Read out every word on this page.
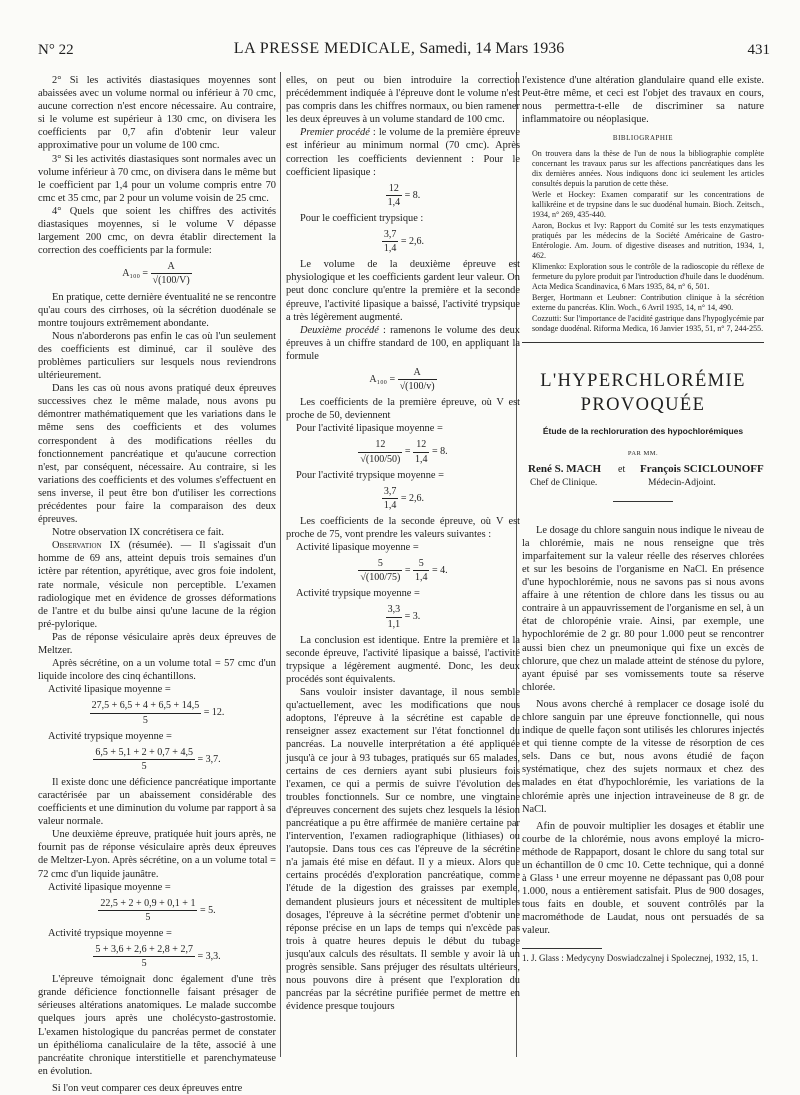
N° 22	LA PRESSE MEDICALE, Samedi, 14 Mars 1936	431

2° Si les activités diastasiques moyennes sont abaissées avec un volume normal ou inférieur à 70 cmc, aucune correction n'est encore nécessaire. Au contraire, si le volume est supérieur à 130 cmc, on divisera les coefficients par 0,7 afin d'obtenir leur valeur approximative pour un volume de 100 cmc.

3° Si les activités diastasiques sont normales avec un volume inférieur à 70 cmc, on divisera dans le même but le coefficient par 1,4 pour un volume compris entre 70 cmc et 35 cmc, par 2 pour un volume voisin de 25 cmc.

4° Quels que soient les chiffres des activités diastasiques moyennes, si le volume V dépasse largement 200 cmc, on devra établir directement la correction des coefficients par la formule:

$A_{100} = \frac{A}{√(100/V)}$

En pratique, cette dernière éventualité ne se rencontre qu'au cours des cirrhoses, où la sécrétion duodénale se montre toujours extrêmement abondante.

Nous n'aborderons pas enfin le cas où l'un seulement des coefficients est diminué, car il soulève des problèmes particuliers sur lesquels nous reviendrons ultérieurement.

Dans les cas où nous avons pratiqué deux épreuves successives chez le même malade, nous avons pu démontrer mathématiquement que les variations dans le même sens des coefficients et des volumes correspondent à des modifications réelles du fonctionnement pancréatique et qu'aucune correction n'est, par conséquent, nécessaire. Au contraire, si les variations des coefficients et des volumes s'effectuent en sens inverse, il peut être bon d'utiliser les corrections précédentes pour faire la comparaison des deux épreuves.

Notre observation IX concrétisera ce fait.

Observation IX (résumée). — Il s'agissait d'un homme de 69 ans, atteint depuis trois semaines d'un ictère par rétention, apyrétique, avec gros foie indolent, rate normale, vésicule non perceptible. L'examen radiologique met en évidence de grosses déformations de l'antre et du bulbe ainsi qu'une lacune de la région pré-pylorique.

Pas de réponse vésiculaire après deux épreuves de Meltzer.

Après sécrétine, on a un volume total = 57 cmc d'un liquide incolore des cinq échantillons.

Activité lipasique moyenne =

$\frac{27,5 + 6,5 + 4 + 6,5 + 14,5}{5} = 12$.

Activité trypsique moyenne =

$\frac{6,5 + 5,1 + 2 + 0,7 + 4,5}{5} = 3,7$.

Il existe donc une déficience pancréatique importante caractérisée par un abaissement considérable des coefficients et une diminution du volume par rapport à sa valeur normale.

Une deuxième épreuve, pratiquée huit jours après, ne fournit pas de réponse vésiculaire après deux épreuves de Meltzer-Lyon. Après sécrétine, on a un volume total = 72 cmc d'un liquide jaunâtre.

Activité lipasique moyenne =

$\frac{22,5 + 2 + 0,9 + 0,1 + 1}{5} = 5$.

Activité trypsique moyenne =

$\frac{5 + 3,6 + 2,6 + 2,8 + 2,7}{5} = 3,3$.

L'épreuve témoignait donc également d'une très grande déficience fonctionnelle faisant présager de sérieuses altérations anatomiques. Le malade succombe quelques jours après une cholécysto-gastrostomie. L'examen histologique du pancréas permet de constater un épithélioma canaliculaire de la tête, associé à une pancréatite chronique interstitielle et parenchymateuse en évolution.

Si l'on veut comparer ces deux épreuves entre

elles, on peut ou bien introduire la correction précédemment indiquée à l'épreuve dont le volume n'est pas compris dans les chiffres normaux, ou bien ramener les deux épreuves à un volume standard de 100 cmc.

Premier procédé : le volume de la première épreuve est inférieur au minimum normal (70 cmc). Après correction les coefficients deviennent : Pour le coefficient lipasique :

$\frac{12}{1,4} = 8$.

Pour le coefficient trypsique :

$\frac{3,7}{1,4} = 2,6$.

Le volume de la deuxième épreuve est physiologique et les coefficients gardent leur valeur. On peut donc conclure qu'entre la première et la seconde épreuve, l'activité lipasique a baissé, l'activité trypsique a très légèrement augmenté.

Deuxième procédé : ramenons le volume des deux épreuves à un chiffre standard de 100, en appliquant la formule

$A_{100} = \frac{A}{√(100/v)}$

Les coefficients de la première épreuve, où V est proche de 50, deviennent

Pour l'activité lipasique moyenne =

$\frac{12}{√(100/50)} = \frac{12}{1,4} = 8$.

Pour l'activité trypsique moyenne =

$\frac{3,7}{1,4} = 2,6$.

Les coefficients de la seconde épreuve, où V est proche de 75, vont prendre les valeurs suivantes :

Activité lipasique moyenne =

$\frac{5}{√(100/75)} = \frac{5}{1,4} = 4$.

Activité trypsique moyenne =

$\frac{3,3}{1,1} = 3$.

La conclusion est identique. Entre la première et la seconde épreuve, l'activité lipasique a baissé, l'activité trypsique a légèrement augmenté. Donc, les deux procédés sont équivalents.

Sans vouloir insister davantage, il nous semble qu'actuellement, avec les modifications que nous adoptons, l'épreuve à la sécrétine est capable de renseigner assez exactement sur l'état fonctionnel du pancréas. La nouvelle interprétation a été appliquée jusqu'à ce jour à 93 tubages, pratiqués sur 65 malades, certains de ces derniers ayant subi plusieurs fois l'examen, ce qui a permis de suivre l'évolution des troubles fonctionnels. Sur ce nombre, une vingtaine d'épreuves concernent des sujets chez lesquels la lésion pancréatique a pu être affirmée de manière certaine par l'intervention, l'examen radiographique (lithiases) ou l'autopsie. Dans tous ces cas l'épreuve de la sécrétine n'a jamais été mise en défaut. Il y a mieux. Alors que certains procédés d'exploration pancréatique, comme l'étude de la digestion des graisses par exemple, demandent plusieurs jours et nécessitent de multiples dosages, l'épreuve à la sécrétine permet d'obtenir une réponse précise en un laps de temps qui n'excède pas trois à quatre heures depuis le début du tubage jusqu'aux calculs des résultats. Il semble y avoir là un progrès sensible. Sans préjuger des résultats ultérieurs, nous pouvons dire à présent que l'exploration du pancréas par la sécrétine purifiée permet de mettre en évidence presque toujours

l'existence d'une altération glandulaire quand elle existe. Peut-être même, et ceci est l'objet des travaux en cours, nous permettra-t-elle de discriminer sa nature inflammatoire ou néoplasique.

BIBLIOGRAPHIE

On trouvera dans la thèse de l'un de nous la bibliographie complète concernant les travaux parus sur les affections pancréatiques dans les dix dernières années. Nous indiquons donc ici seulement les articles consultés depuis la parution de cette thèse.

Werle et Hockey: Examen comparatif sur les concentrations de kallikréine et de trypsine dans le suc duodénal humain. Bioch. Zeitsch., 1934, n° 269, 435-440.

Aaron, Bockus et Ivy: Rapport du Comité sur les tests enzymatiques pratiqués par les médecins de la Société Américaine de Gastro-Entérologie. Am. Journ. of digestive diseases and nutrition, 1934, 1, 462.

Klimenko: Exploration sous le contrôle de la radioscopie du réflexe de fermeture du pylore produit par l'introduction d'huile dans le duodénum. Acta Medica Scandinavica, 6 Mars 1935, 84, n° 6, 501.

Berger, Hortmann et Leubner: Contribution clinique à la sécrétion externe du pancréas. Klin. Woch., 6 Avril 1935, 14, n° 14, 490.

Cozzutti: Sur l'importance de l'acidité gastrique dans l'hypoglycémie par sondage duodénal. Riforma Medica, 16 Janvier 1935, 51, n° 7, 244-255.

L'HYPERCHLORÉMIE
PROVOQUÉE
Étude de la rechloruration des hypochlorémiques
PAR MM.
René S. MACH et François SCICLOUNOFF
Chef de Clinique.	Médecin-Adjoint.

Le dosage du chlore sanguin nous indique le niveau de la chlorémie, mais ne nous renseigne que très imparfaitement sur la valeur réelle des réserves chlorées et sur les besoins de l'organisme en NaCl. En présence d'une hypochlorémie, nous ne savons pas si nous avons affaire à une rétention de chlore dans les tissus ou au contraire à un appauvrissement de l'organisme en sel, à un état de chloropénie vraie. Ainsi, par exemple, une hypochlorémie de 2 gr. 80 pour 1.000 peut se rencontrer aussi bien chez un pneumonique qui fixe un excès de chlorure, que chez un malade atteint de sténose du pylore, ayant épuisé par ses vomissements toute sa réserve chlorée.

Nous avons cherché à remplacer ce dosage isolé du chlore sanguin par une épreuve fonctionnelle, qui nous indique de quelle façon sont utilisés les chlorures injectés et qui tienne compte de la vitesse de résorption de ces sels. Dans ce but, nous avons étudié de façon systématique, chez des sujets normaux et chez des malades en état d'hypochlorémie, les variations de la chlorémie après une injection intraveineuse de 8 gr. de NaCl.

Afin de pouvoir multiplier les dosages et établir une courbe de la chlorémie, nous avons employé la micro-méthode de Rappaport, dosant le chlore du sang total sur un échantillon de 0 cmc 10. Cette technique, qui a donné à Glass ¹ une erreur moyenne ne dépassant pas 0,08 pour 1.000, nous a entièrement satisfait. Plus de 900 dosages, tous faits en double, et souvent contrôlés par la macrométhode de Laudat, nous ont persuadés de sa valeur.

1. J. Glass : Medycyny Doswiadczalnej i Spolecznej, 1932, 15, 1.
